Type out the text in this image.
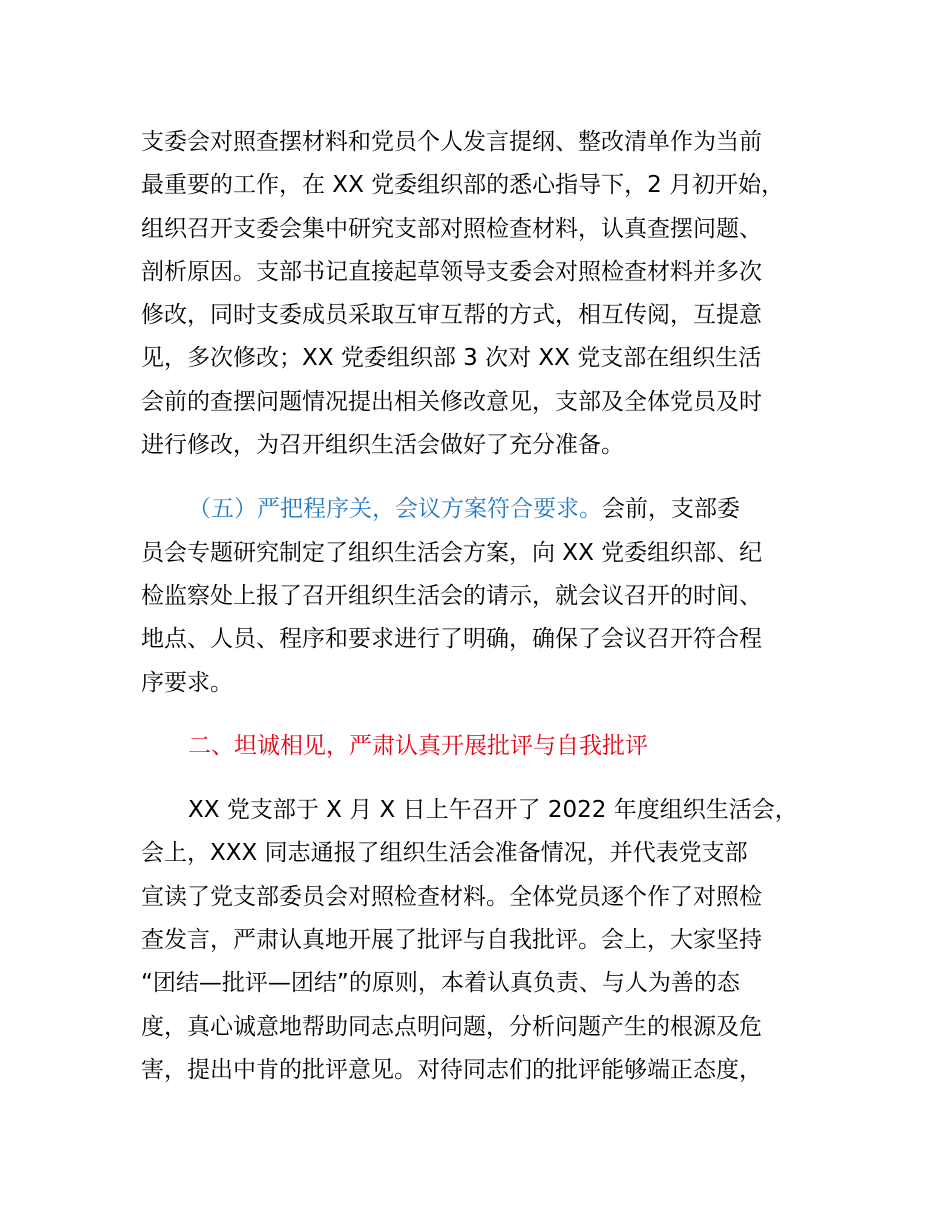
支委会对照查摆材料和党员个人发言提纲、整改清单作为当前
最重要的工作，在 XX 党委组织部的悉心指导下，2 月初开始，
组织召开支委会集中研究支部对照检查材料，认真查摆问题、
剖析原因。支部书记直接起草领导支委会对照检查材料并多次
修改，同时支委成员采取互审互帮的方式，相互传阅，互提意
见，多次修改；XX 党委组织部 3 次对 XX 党支部在组织生活
会前的查摆问题情况提出相关修改意见，支部及全体党员及时
进行修改，为召开组织生活会做好了充分准备。
（五）严把程序关，会议方案符合要求。会前，支部委
员会专题研究制定了组织生活会方案，向 XX 党委组织部、纪
检监察处上报了召开组织生活会的请示，就会议召开的时间、
地点、人员、程序和要求进行了明确，确保了会议召开符合程
序要求。
二、坦诚相见，严肃认真开展批评与自我批评
XX 党支部于 X 月 X 日上午召开了 2022 年度组织生活会，
会上，XXX 同志通报了组织生活会准备情况，并代表党支部
宣读了党支部委员会对照检查材料。全体党员逐个作了对照检
查发言，严肃认真地开展了批评与自我批评。会上，大家坚持
“团结—批评—团结”的原则，本着认真负责、与人为善的态
度，真心诚意地帮助同志点明问题，分析问题产生的根源及危
害，提出中肯的批评意见。对待同志们的批评能够端正态度，
